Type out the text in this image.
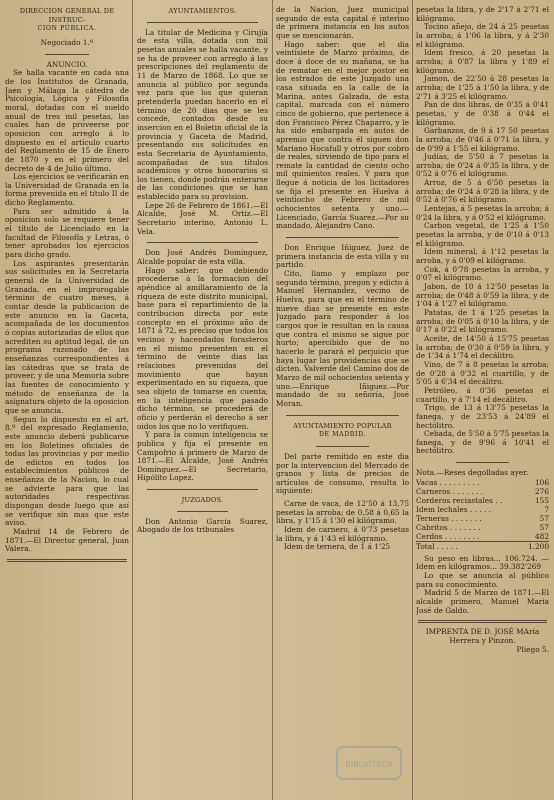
DIRECCION GENERAL DE INSTRUC-
CION PÚBLICA.

Negociado 1.º

ANUNCIO.

Se halla vacante en cada una de los Institutos de Granada, Jaen y Málaga la cátedra de Psicología, Lógica y Filosofía moral, dotadas con el sueldo anual de tres mil pesetas, las cuales han de proveerse por oposicion con arreglo á lo dispuesto en el artículo cuarto del Reglamento de 15 de Enero de 1870 y en el primero del decreto de 4 de Julio último.

Los ejercicios se verificarán en la Universidad de Granada en la forma prevenida en el título II de dicho Reglamento.

Para ser admitido á la oposicion solo se requiere tener el título de Licenciado en la facultad de Filosofía y Letras, ó tener aprobados los ejercicios para dicho grado.

Los aspirantes presentarán sus solicitudes en la Secretaría general de la Universidad de Granada, en el improrogable término de cuatro meses, á contar desde la publicacion de este anuncio en la Gaceta, acompañada de los documentos ó copias autorizadas de ellos que acrediten su aptitud legal, de un programa razonado de las enseñanzas correspondientes á las cátedras que se trata de proveer, y de una Memoria sobre las fuentes de conocimiento y método de enseñanza de la asignatura objeto de la oposicion que se anuncia.

Segun lo dispuesto en el art. 8.º del expresado Reglamento, este anuncio deberá publicarse en los Boletines oficiales de todas las provincias y por medio de edictos en todos los establecimientos públicos de enseñanza de la Nacion, lo cual se advierte para que las autoridades respectivas dispongan desde luego que así se verifique sin mas que este aviso.

Madrid 14 de Febrero de 1871.—El Director general, Juan Valera.

AYUNTAMIENTOS.

La titular de Medicina y Cirujía de esta villa, dotada con mil pesetas anuales se halla vacante, y se ha de proveer con arreglo á las prescripciones del reglamento de 11 de Marzo de 1868. Lo que se anuncia al público por segunda vez para que los que quieran pretenderla puedan hacerlo en el término de 20 dias que se les concede, contados desde su insercion en el Boletin oficial de la provincia y Gaceta de Madrid, presentando sus solicitudes en esta Secretaría de Ayuntamiento, acompañadas de sus títulos académicos y otros honorarios si los tienen, donde podrán enterarse de las condiciones que se han establecido para su provision.

Lepe 26 de Febrero de 1861.—El Alcalde, José M. Ortiz.—El Secretario interino, Antonio L. Vela.

Don José Andrés Domínguez, Alcalde popular de esta villa.

Hago saber: que debiendo procederse á la formacion del apéndice al amillaramiento de la riqueza de este distrito municipal, base para el repartimiento de la contribucion directa por este concepto en el próximo año de 1871 á 72, es preciso que todos los vecinos y hacendados forasteros en el mismo presenten en el término de veinte dias las relaciones prevenidas del movimiento que hayan experimentado en su riqueza, que sea objeto de tomarse en cuenta; en la inteligencia que pasado dicho término, se procederá de oficio y perderán el derecho á ser oidos los que no lo verifiquen.

Y para la comun inteligencia se publica y fija el presente en Campofrio á primero de Marzo de 1871.—El Alcalde, José Andrés Domínguez.—El Secretario, Hipólito Lopez.

JUZGADOS.

Don Antonio García Suarez, Abogado de los tribunales

de la Nacion, Juez municipal segundo de esta capital é interino de primera instancia en los autos que se mencionarán.

Hago saber: que el dia veintisiete de Marzo próximo, de doce á doce de su mañana, se ha de rematar en el mejor postor en los estrados de este Juzgado una casa situada en la calle de la Marina, antes Galzada, de esta capital, marcada con el número cinco de gobierno, que pertenece á don Francisco Pérez Chaparro, y le ha sido embargada en autos de apremio que contra él siguen don Mariano Hocafull y otros por cobro de reales, sirviendo de tipo para el remate la cantidad de ciento ocho mil quinientos reales. Y para que llegue á noticia de los licitadores se fija el presente en Huelva á veintiocho de Febrero de mil ochocientos setenta y uno.—Licenciado, García Suarez.—Por su mandado, Alejandro Cano.

Don Enrique Iñiguez, Juez de primera instancia de esta villa y su partido.

Cito, llamo y emplazo por segundo término, pregon y edicto á Manuel Hernandez, vecino de Huelva, para que en el término de nueve dias se presente en este Juzgado para responder á los cargos que le resultan en la causa que contra el mismo se sigue por hurto; apercibido que de no hacerlo le parará el perjuicio que haya lugar las providencias que se dicten. Valverde del Camino dos de Marzo de mil ochocientos setenta y uno.—Enrique Iñiguez.—Por mandado de su señoría, José Moran.

AYUNTAMIENTO POPULAR
DE MADRID.

Del parte remitido en este dia por la intervencion del Mercado de granos y lista de precios de artículos de consumo, resulta lo siguiente:

Carne de vaca, de 12'50 á 13,75 pesetas la arroba; de 0,58 á 0,65 la libra, y 1'15 á 1'30 el kilógramo.

Idem de carnero, á 0'73 pesetas la libra, y á 1'43 el kilógramo.

Idem de ternera, de 1 á 1'25

pesetas la libra, y de 2'17 á 2'71 el kilógramo.

Tocino añejo, de 24 á 25 pesetas la arroba; á 1'06 la libra, y á 2'30 el kilógramo.

Idem fresco, á 20 pesetas la arroba; á 0'87 la libra y 1'89 el kilógramo.

Jamon, de 22'50 á 28 pesetas la arroba; de 1'25 á 1'50 la libra, y de 2'71 á 3'25 el kilógramo.

Pan de dos libras, de 0'35 á 0'41 pesetas, y de 0'38 á 0'44 el kilógramo.

Garbanzos, de 9 á 17 50 pesetas la arroba; de 0'46 á 0'71 la libra, y de 0'99 á 1'55 el kilógramo.

Judías, de 5'50 á 7 pesetas la arroba; de 0'24 á 0'35 la libra, y de 0'52 á 0'76 el kilógramo.

Arroz, de 5 á 6'50 pesetas la arroba; de 0'24 á 0'28 la libra, y de 0'52 á 0'76 el kilógramo.

Lentejas, á 5 pesetas la arroba; á 0'24 la libra, y á 0'52 el kilógramo.

Carbon vegetal, de 1'25 á 1'50 pesetas la arroba, y de 0'10 á 0'13 el kilógramo.

Idem mineral, á 1'12 pesetas la arroba, y á 0'09 el kilógramo.

Cok, á 0'78 pesetas la arroba, y 0'07 el kilógramo.

Jabon, de 10 á 12'50 pesetas la arroba; de 0'48 á 0'59 la libra, y de 1'04 á 1'27 el kilógramo.

Patatas, de 1 á 1'25 pesetas la arroba; de 0'05 á 0'10 la libra, y de 0'17 á 0'22 el kilógramo.

Aceite, de 14'50 á 15'75 pesetas la arroba; de 0'30 á 0'59 la libra, y de 1'34 á 1'74 el decálitro.

Vino, de 7 á 8 pesetas la arroba; de 0'28 á 0'32 el cuartillo, y de 5'05 á 6'34 el decálitro.

Petróleo, á 0'36 pesetas el cuartillo, y á 7'14 el decálitro.

Trigo, de 13 á 13'75 pesetas la fanega, y de 23'53 á 24'89 el hectólitro.

Cebada, de 5'50 á 5'75 pesetas la fanega, y de 9'96 á 10'41 el hectólitro.

Nota.—Reses degolladas ayer.

Vacas . . . . . . . . .	106
Carneros . . . . . . .	276
Corderos reciastales . .	155
Idem lechales . . . . .	7
Terneras . . . . . . .	57
Cabritos . . . . . . .	57
Cerdos . . . . . . . .	482
Total . . . . .	1.200

Su peso en libras... 106.724. —Idem en kilógramos... 39.382'269

Lo que se anuncia al público para su conocimiento.

Madrid 5 de Marzo de 1871.—El alcalde primero, Manuel Maria José de Galdo.

IMPRENTA DE D. JOSÉ MAría Herrera y Pinzon.

Pliego 5.

BIBLIOTECA
